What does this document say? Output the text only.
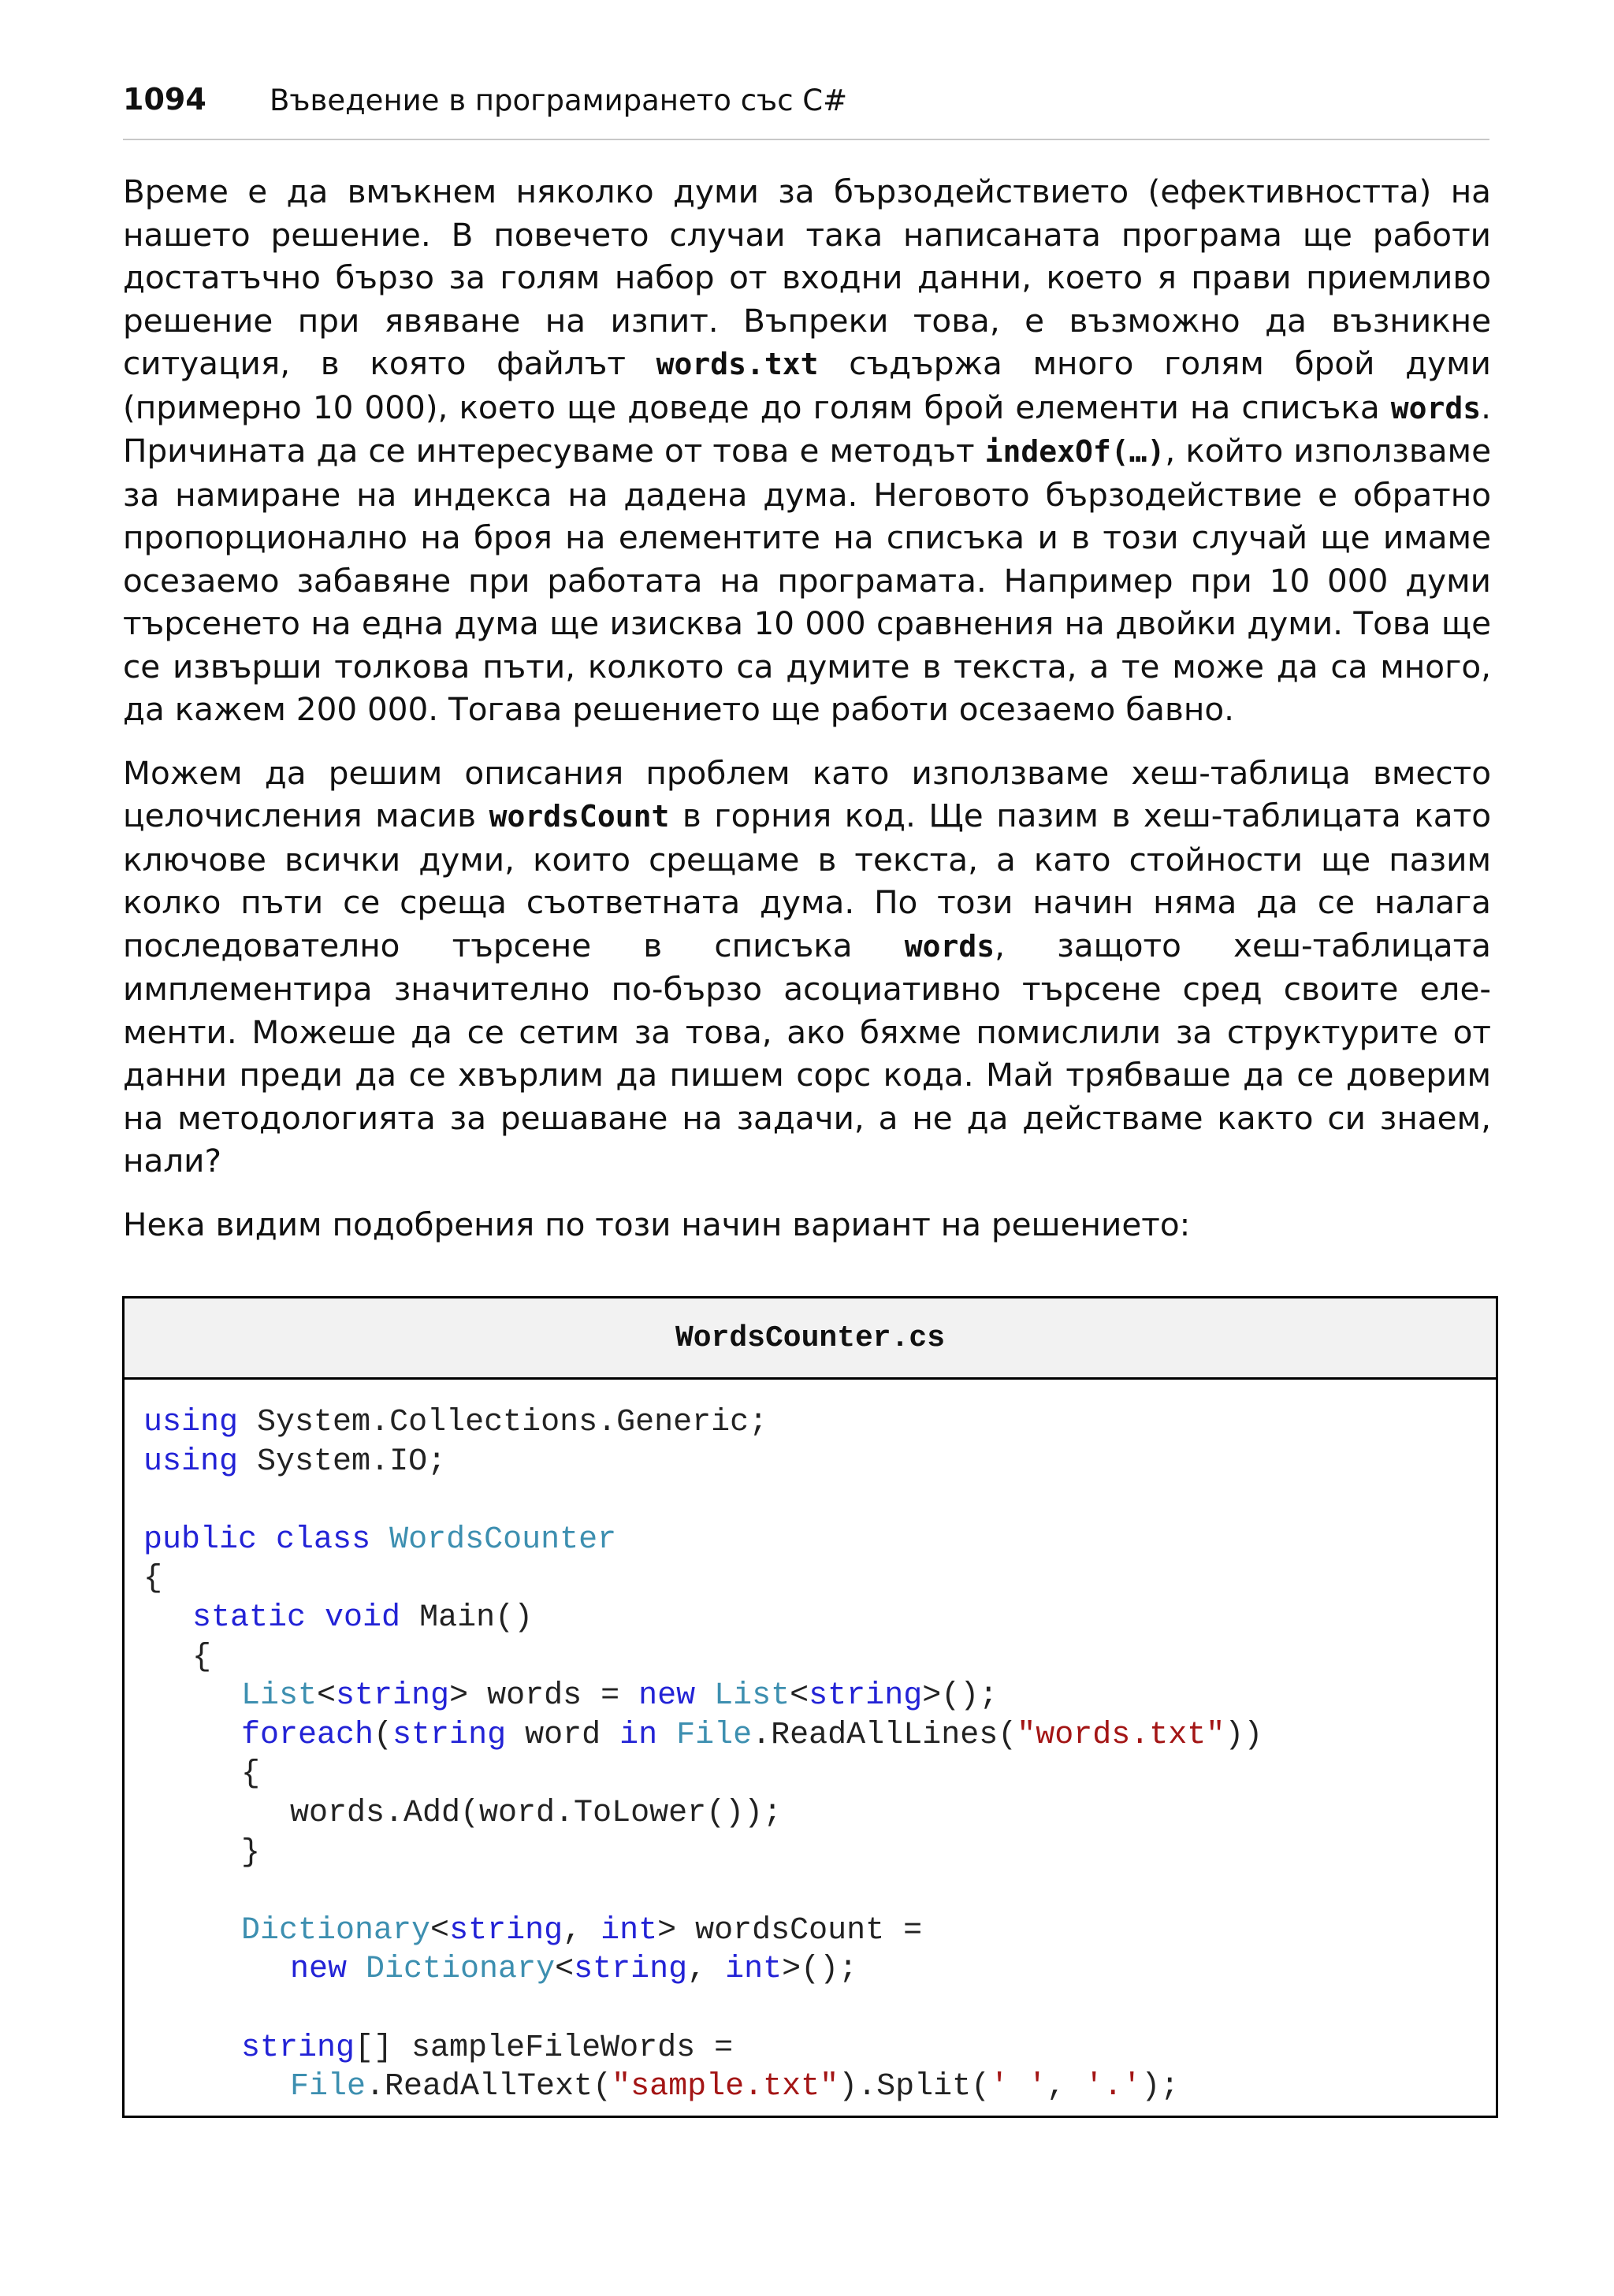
1094 Въведение в програмирането със C#

Време е да вмъкнем няколко думи за бързодействието (ефективността) на нашето решение. В повечето случаи така написаната програма ще работи достатъчно бързо за голям набор от входни данни, което я прави приемливо решение при явяване на изпит. Въпреки това, е възможно да възникне ситуация, в която файлът words.txt съдържа много голям брой думи (примерно 10 000), което ще доведе до голям брой елементи на списъка words. Причината да се интересуваме от това е методът indexOf(…), който използваме за намиране на индекса на дадена дума. Неговото бързодействие е обратно пропорционално на броя на елементите на списъка и в този случай ще имаме осезаемо забавяне при работата на програмата. Например при 10 000 думи търсенето на една дума ще изисква 10 000 сравнения на двойки думи. Това ще се извърши толкова пъти, колкото са думите в текста, а те може да са много, да кажем 200 000. Тогава решението ще работи осезаемо бавно.

Можем да решим описания проблем като използваме хеш-таблица вместо целочисления масив wordsCount в горния код. Ще пазим в хеш-таблицата като ключове всички думи, които срещаме в текста, а като стойности ще пазим колко пъти се среща съответната дума. По този начин няма да се налага последователно търсене в списъка words, защото хеш-таблицата имплементира значително по-бързо асоциативно търсене сред своите елементи. Можеше да се сетим за това, ако бяхме помислили за структурите от данни преди да се хвърлим да пишем сорс кода. Май трябваше да се доверим на методологията за решаване на задачи, а не да действаме както си знаем, нали?

Нека видим подобрения по този начин вариант на решението:

WordsCounter.cs
using System.Collections.Generic;
using System.IO;
public class WordsCounter
{
static void Main()
{
List<string> words = new List<string>();
foreach(string word in File.ReadAllLines("words.txt"))
{
words.Add(word.ToLower());
}
Dictionary<string, int> wordsCount =
new Dictionary<string, int>();
string[] sampleFileWords =
File.ReadAllText("sample.txt").Split(' ', '.');
